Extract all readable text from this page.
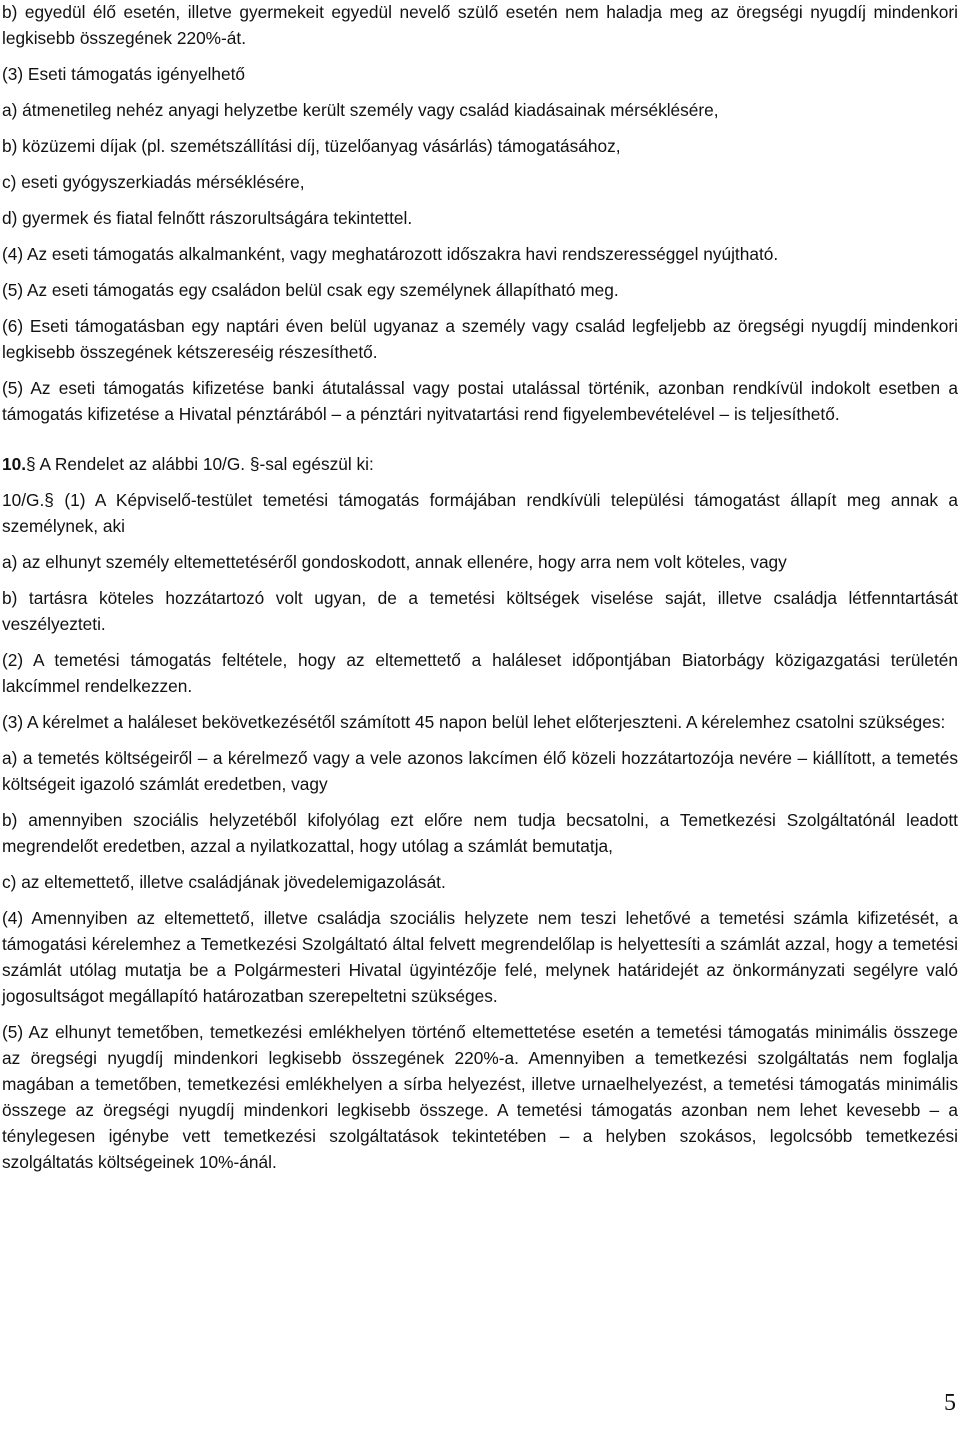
b) egyedül élő esetén, illetve gyermekeit egyedül nevelő szülő esetén nem haladja meg az öregségi nyugdíj mindenkori legkisebb összegének 220%-át.

(3) Eseti támogatás igényelhető

a) átmenetileg nehéz anyagi helyzetbe került személy vagy család kiadásainak mérséklésére,

b) közüzemi díjak (pl. szemétszállítási díj, tüzelőanyag vásárlás) támogatásához,

c) eseti gyógyszerkiadás mérséklésére,

d) gyermek és fiatal felnőtt rászorultságára tekintettel.

(4) Az eseti támogatás alkalmanként, vagy meghatározott időszakra havi rendszerességgel nyújtható.

(5) Az eseti támogatás egy családon belül csak egy személynek állapítható meg.

(6) Eseti támogatásban egy naptári éven belül ugyanaz a személy vagy család legfeljebb az öregségi nyugdíj mindenkori legkisebb összegének kétszereséig részesíthető.

(5) Az eseti támogatás kifizetése banki átutalással vagy postai utalással történik, azonban rendkívül indokolt esetben a támogatás kifizetése a Hivatal pénztárából – a pénztári nyitvatartási rend figyelembevételével – is teljesíthető.

10.§ A Rendelet az alábbi 10/G. §-sal egészül ki:

10/G.§ (1) A Képviselő-testület temetési támogatás formájában rendkívüli települési támogatást állapít meg annak a személynek, aki

a) az elhunyt személy eltemettetéséről gondoskodott, annak ellenére, hogy arra nem volt köteles, vagy

b) tartásra köteles hozzátartozó volt ugyan, de a temetési költségek viselése saját, illetve családja létfenntartását veszélyezteti.

(2) A temetési támogatás feltétele, hogy az eltemettető a haláleset időpontjában Biatorbágy közigazgatási területén lakcímmel rendelkezzen.

(3) A kérelmet a haláleset bekövetkezésétől számított 45 napon belül lehet előterjeszteni. A kérelemhez csatolni szükséges:

a) a temetés költségeiről – a kérelmező vagy a vele azonos lakcímen élő közeli hozzátartozója nevére – kiállított, a temetés költségeit igazoló számlát eredetben, vagy

b) amennyiben szociális helyzetéből kifolyólag ezt előre nem tudja becsatolni, a Temetkezési Szolgáltatónál leadott megrendelőt eredetben, azzal a nyilatkozattal, hogy utólag a számlát bemutatja,

c) az eltemettető, illetve családjának jövedelemigazolását.

(4) Amennyiben az eltemettető, illetve családja szociális helyzete nem teszi lehetővé a temetési számla kifizetését, a támogatási kérelemhez a Temetkezési Szolgáltató által felvett megrendelőlap is helyettesíti a számlát azzal, hogy a temetési számlát utólag mutatja be a Polgármesteri Hivatal ügyintézője felé, melynek határidejét az önkormányzati segélyre való jogosultságot megállapító határozatban szerepeltetni szükséges.

(5) Az elhunyt temetőben, temetkezési emlékhelyen történő eltemettetése esetén a temetési támogatás minimális összege az öregségi nyugdíj mindenkori legkisebb összegének 220%-a. Amennyiben a temetkezési szolgáltatás nem foglalja magában a temetőben, temetkezési emlékhelyen a sírba helyezést, illetve urnaelhelyezést, a temetési támogatás minimális összege az öregségi nyugdíj mindenkori legkisebb összege. A temetési támogatás azonban nem lehet kevesebb – a ténylegesen igénybe vett temetkezési szolgáltatások tekintetében – a helyben szokásos, legolcsóbb temetkezési szolgáltatás költségeinek 10%-ánál.

5
